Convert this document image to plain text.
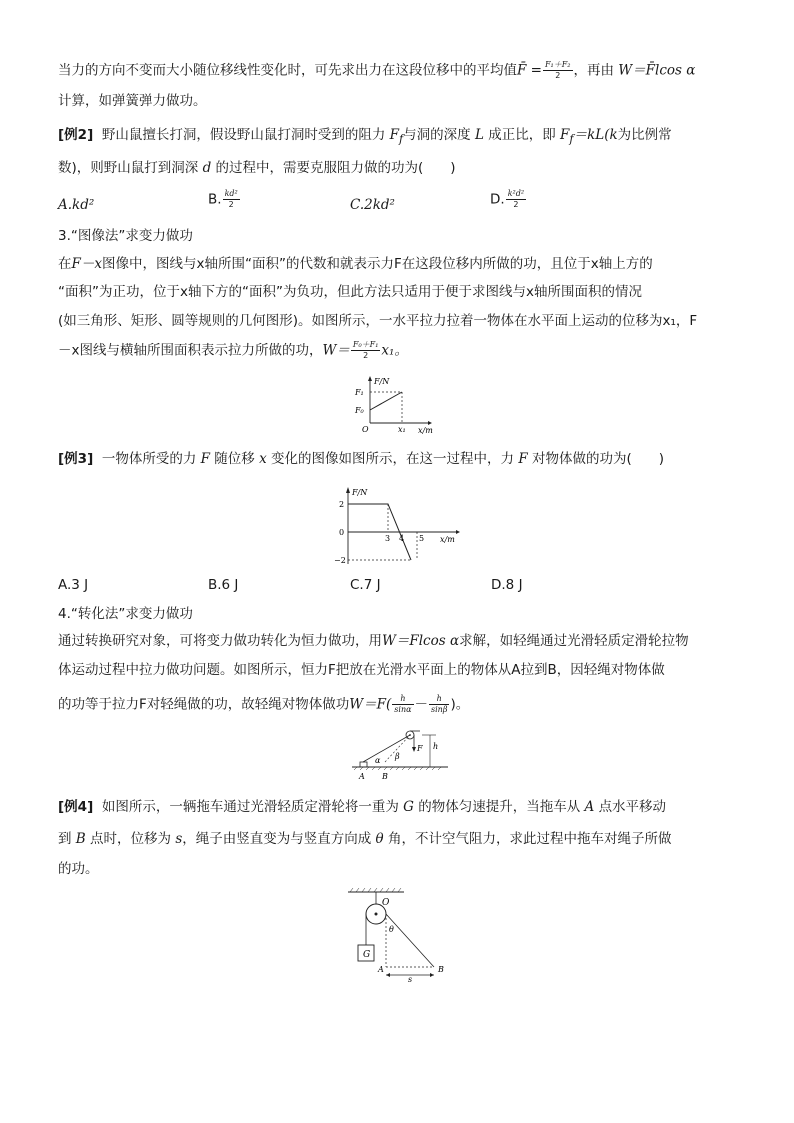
当力的方向不变而大小随位移线性变化时，可先求出力在这段位移中的平均值F̄ = $\frac{\text{F₁＋F₂}}{2}$ ，再由 W＝F̄lcos α
计算，如弹簧弹力做功。
[例2] 野山鼠擅长打洞，假设野山鼠打洞时受到的阻力 $F_f$与洞的深度 L 成正比，即 $F_f=kL(k$为比例常
数)，则野山鼠打到洞深 d 的过程中，需要克服阻力做的功为(　　)
A.kd²	B. $\frac{\text{kd²}}{2}$	C.2kd²	D. $\frac{\text{k²d²}}{2}$
3.“图像法”求变力做功
在F－x图像中，图线与x轴所围“面积”的代数和就表示力F在这段位移内所做的功，且位于x轴上方的
“面积”为正功，位于x轴下方的“面积”为负功，但此方法只适用于便于求图线与x轴所围面积的情况
(如三角形、矩形、圆等规则的几何图形)。如图所示，一水平拉力拉着一物体在水平面上运动的位移为x₁，F
－x图线与横轴所围面积表示拉力所做的功，$W= \frac{\text{F₀＋F₁}}{2} x_1$。
F/N
F₁
F₀
O	x₁ x/m
[例3] 一物体所受的力 F 随位移 x 变化的图像如图所示，在这一过程中，力 F 对物体做的功为(　　)
F/N
2
0
−2
3 4 5 x/m
A.3 J	B.6 J	C.7 J	D.8 J
4.“转化法”求变力做功
通过转换研究对象，可将变力做功转化为恒力做功，用W＝Flcos α求解，如轻绳通过光滑轻质定滑轮拉物
体运动过程中拉力做功问题。如图所示，恒力F把放在光滑水平面上的物体从A拉到B，因轻绳对物体做
的功等于拉力F对轻绳做的功，故轻绳对物体做功$W=F( \frac{h}{\sin\alpha} - \frac{h}{\sin\beta}$ )。
α β
F h
A B
[例4] 如图所示，一辆拖车通过光滑轻质定滑轮将一重为 G 的物体匀速提升，当拖车从 A 点水平移动
到 B 点时，位移为 s，绳子由竖直变为与竖直方向成 θ 角，不计空气阻力，求此过程中拖车对绳子所做
的功。
O
θ
G
A	B
s
